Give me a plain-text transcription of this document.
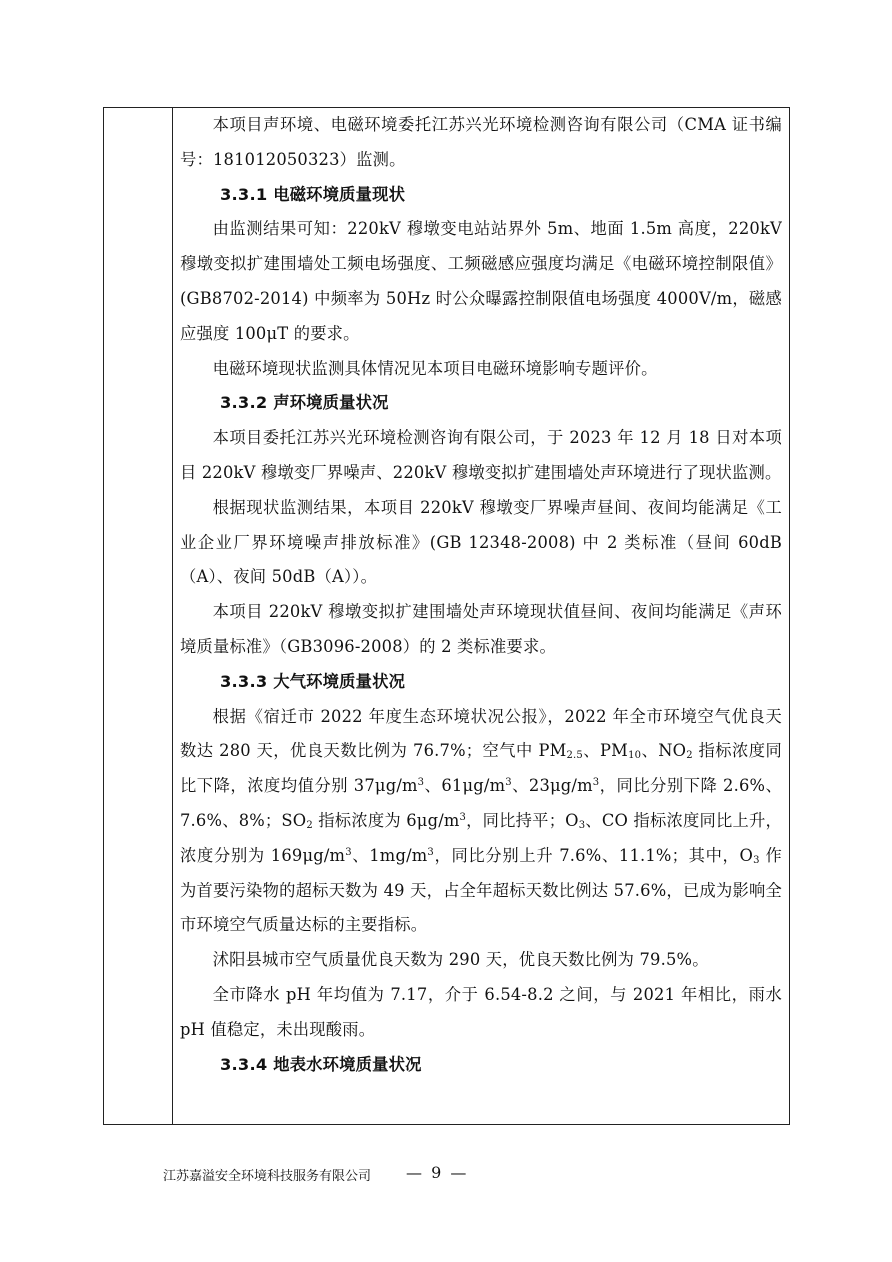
本项目声环境、电磁环境委托江苏兴光环境检测咨询有限公司（CMA 证书编号：181012050323）监测。

3.3.1 电磁环境质量现状

由监测结果可知：220kV 穆墩变电站站界外 5m、地面 1.5m 高度，220kV 穆墩变拟扩建围墙处工频电场强度、工频磁感应强度均满足《电磁环境控制限值》(GB8702-2014) 中频率为 50Hz 时公众曝露控制限值电场强度 4000V/m，磁感应强度 100μT 的要求。

电磁环境现状监测具体情况见本项目电磁环境影响专题评价。

3.3.2 声环境质量状况

本项目委托江苏兴光环境检测咨询有限公司，于 2023 年 12 月 18 日对本项目 220kV 穆墩变厂界噪声、220kV 穆墩变拟扩建围墙处声环境进行了现状监测。

根据现状监测结果，本项目 220kV 穆墩变厂界噪声昼间、夜间均能满足《工业企业厂界环境噪声排放标准》(GB 12348-2008) 中 2 类标准（昼间 60dB（A）、夜间 50dB（A））。

本项目 220kV 穆墩变拟扩建围墙处声环境现状值昼间、夜间均能满足《声环境质量标准》（GB3096-2008）的 2 类标准要求。

3.3.3 大气环境质量状况

根据《宿迁市 2022 年度生态环境状况公报》，2022 年全市环境空气优良天数达 280 天，优良天数比例为 76.7%；空气中 $PM_{2.5}$、$PM_{10}$、$NO_2$ 指标浓度同比下降，浓度均值分别 $37\mu g/m^3$、$61\mu g/m^3$、$23\mu g/m^3$，同比分别下降 2.6%、7.6%、8%；$SO_2$ 指标浓度为 $6\mu g/m^3$，同比持平；$O_3$、CO 指标浓度同比上升，浓度分别为 $169\mu g/m^3$、$1mg/m^3$，同比分别上升 7.6%、11.1%；其中，$O_3$ 作为首要污染物的超标天数为 49 天，占全年超标天数比例达 57.6%，已成为影响全市环境空气质量达标的主要指标。

沭阳县城市空气质量优良天数为 290 天，优良天数比例为 79.5%。

全市降水 pH 年均值为 7.17，介于 6.54-8.2 之间，与 2021 年相比，雨水 pH 值稳定，未出现酸雨。

3.3.4 地表水环境质量状况
江苏嘉溢安全环境科技服务有限公司 — 9 —
